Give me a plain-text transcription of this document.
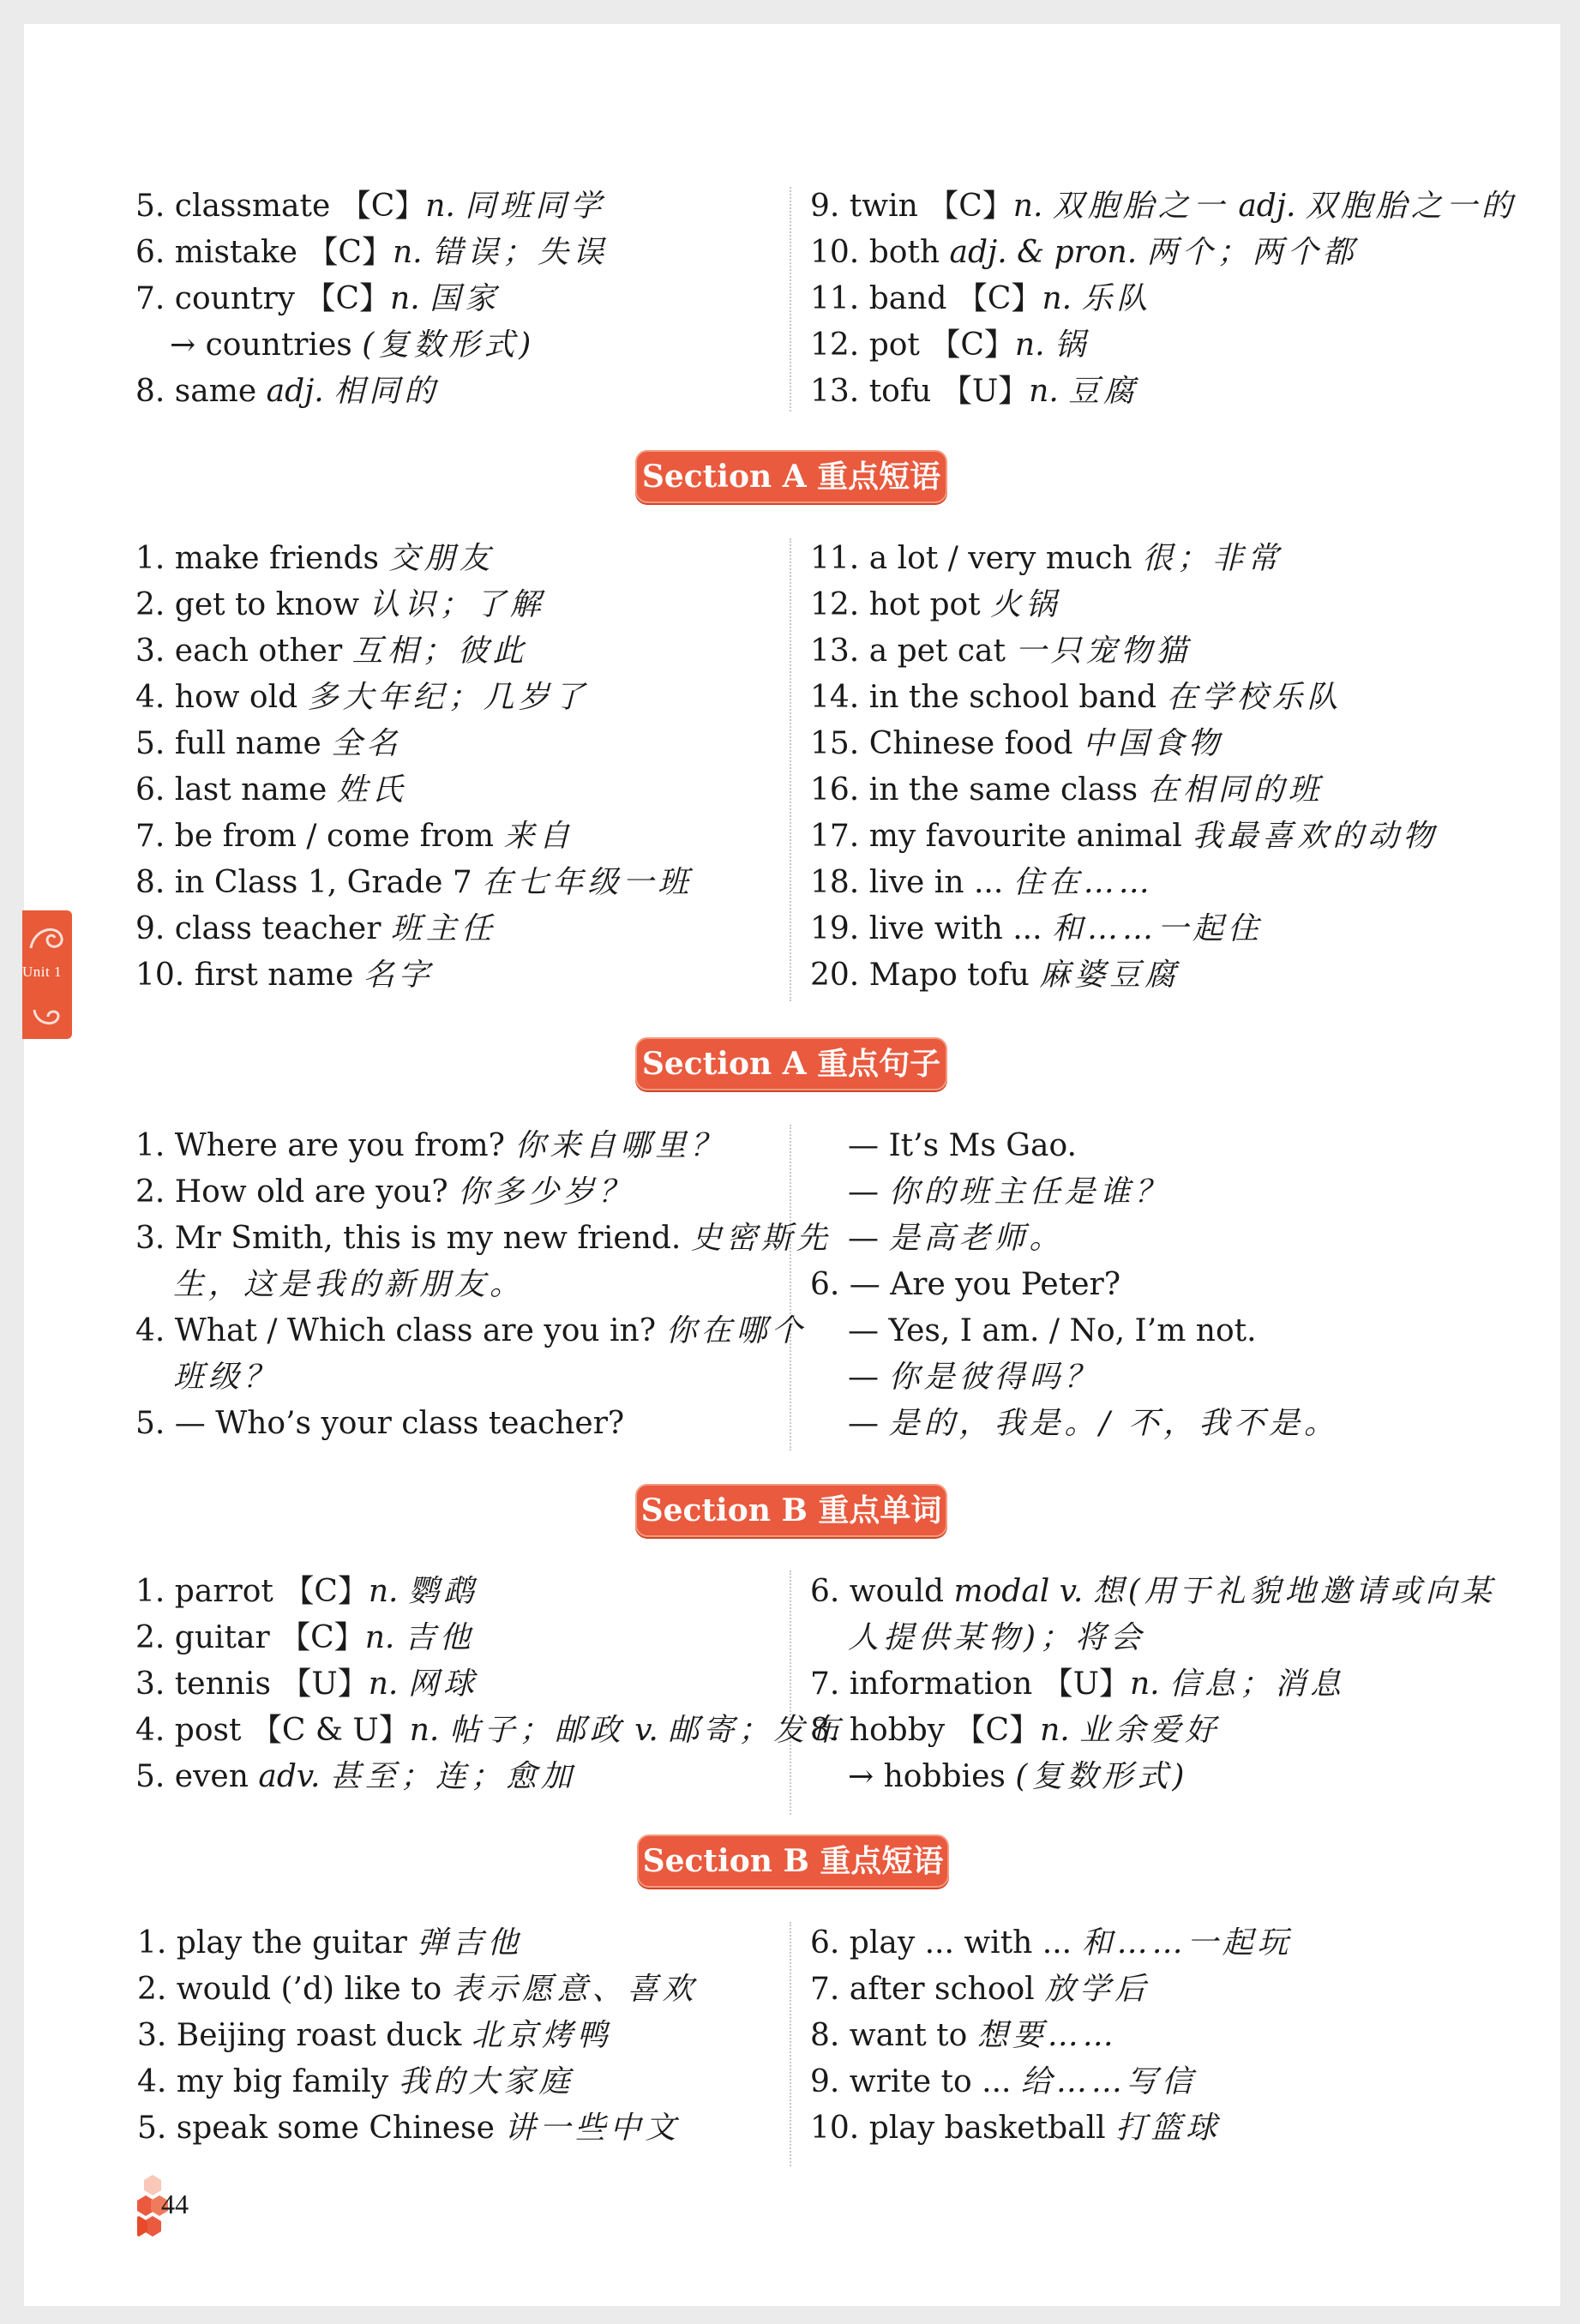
Unit 1
5. classmate 【C】n. 同班同学
6. mistake 【C】n. 错误；失误
7. country 【C】n. 国家
→ countries (复数形式)
8. same adj. 相同的
9. twin 【C】n. 双胞胎之一 adj. 双胞胎之一的
10. both adj. & pron. 两个；两个都
11. band 【C】n. 乐队
12. pot 【C】n. 锅
13. tofu 【U】n. 豆腐
Section A 重点短语
1. make friends 交朋友
2. get to know 认识；了解
3. each other 互相；彼此
4. how old 多大年纪；几岁了
5. full name 全名
6. last name 姓氏
7. be from / come from 来自
8. in Class 1, Grade 7 在七年级一班
9. class teacher 班主任
10. first name 名字
11. a lot / very much 很；非常
12. hot pot 火锅
13. a pet cat 一只宠物猫
14. in the school band 在学校乐队
15. Chinese food 中国食物
16. in the same class 在相同的班
17. my favourite animal 我最喜欢的动物
18. live in ... 住在……
19. live with ... 和……一起住
20. Mapo tofu 麻婆豆腐
Section A 重点句子
1. Where are you from? 你来自哪里？
2. How old are you? 你多少岁？
3. Mr Smith, this is my new friend. 史密斯先
生，这是我的新朋友。
4. What / Which class are you in? 你在哪个
班级？
5. — Who’s your class teacher?
— It’s Ms Gao.
— 你的班主任是谁？
— 是高老师。
6. — Are you Peter?
— Yes, I am. / No, I’m not.
— 你是彼得吗？
— 是的，我是。/ 不，我不是。
Section B 重点单词
1. parrot 【C】n. 鹦鹉
2. guitar 【C】n. 吉他
3. tennis 【U】n. 网球
4. post 【C & U】n. 帖子；邮政 v. 邮寄；发布
5. even adv. 甚至；连；愈加
6. would modal v. 想(用于礼貌地邀请或向某
人提供某物)；将会
7. information 【U】n. 信息；消息
8. hobby 【C】n. 业余爱好
→ hobbies (复数形式)
Section B 重点短语
1. play the guitar 弹吉他
2. would (’d) like to 表示愿意、喜欢
3. Beijing roast duck 北京烤鸭
4. my big family 我的大家庭
5. speak some Chinese 讲一些中文
6. play ... with ... 和……一起玩
7. after school 放学后
8. want to 想要……
9. write to ... 给……写信
10. play basketball 打篮球
44
